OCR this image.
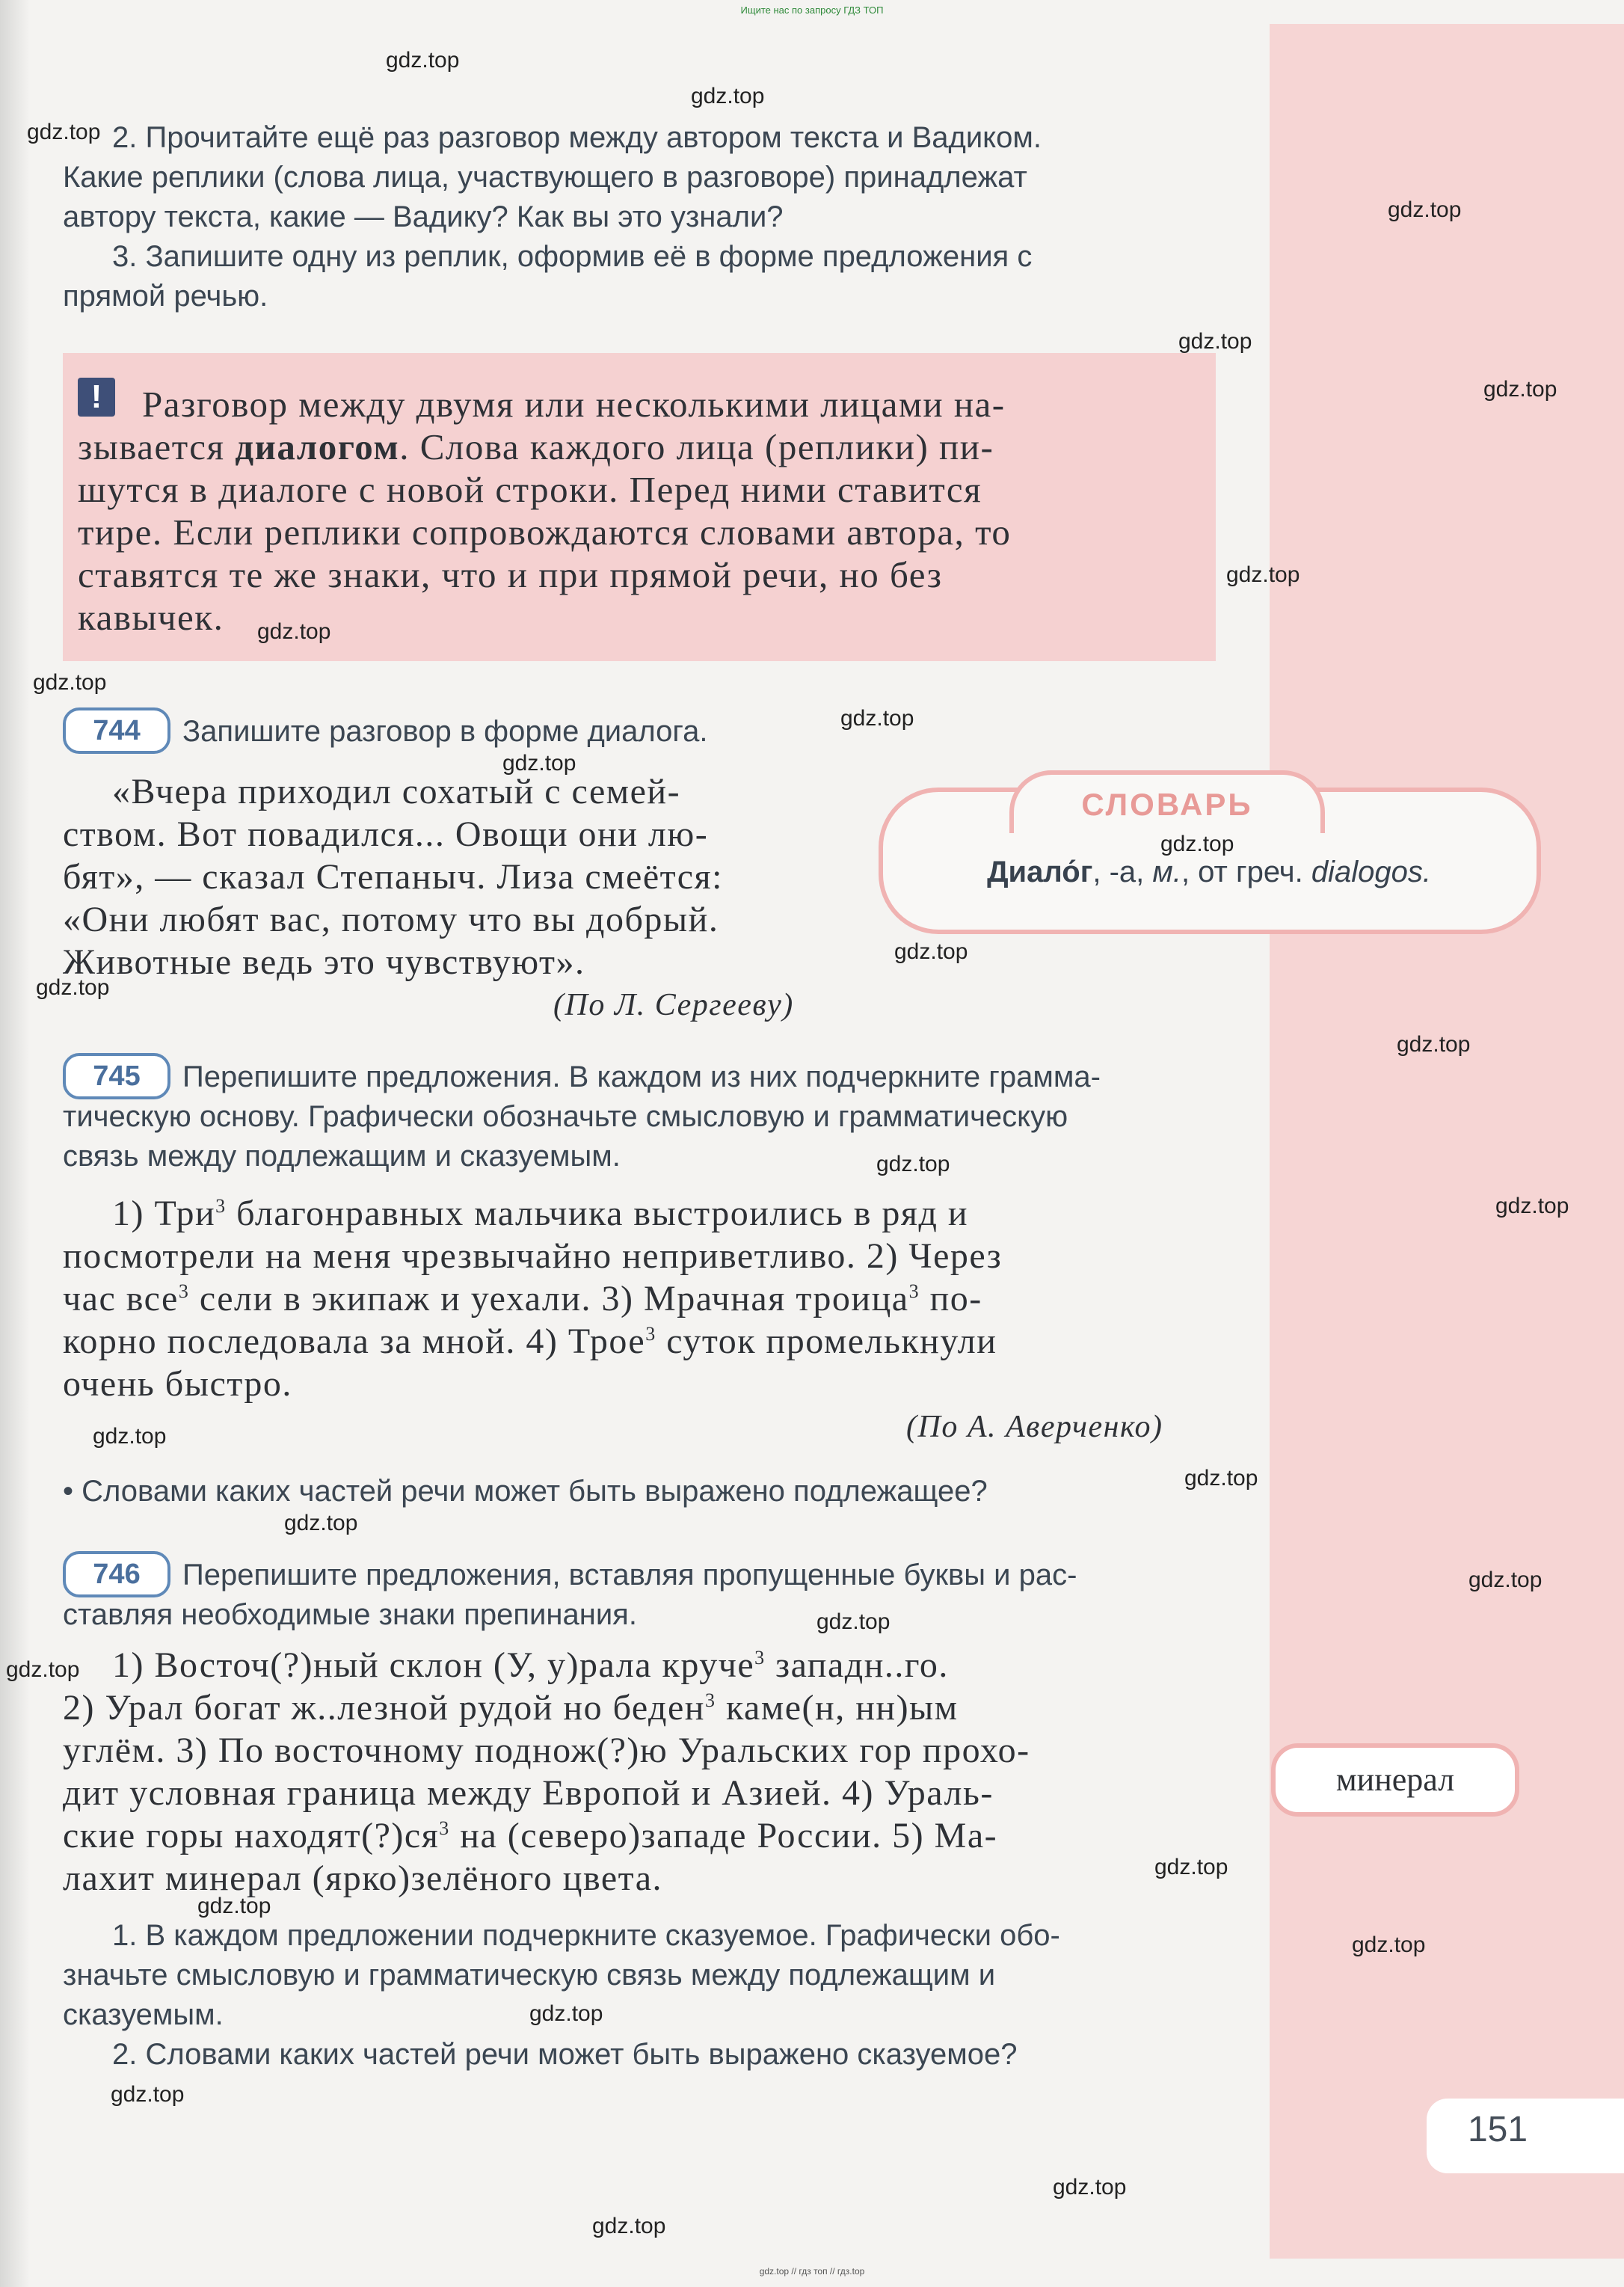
Ищите нас по запросу ГДЗ ТОП
2. Прочитайте ещё раз разговор между автором текста и Вадиком.
Какие реплики (слова лица, участвующего в разговоре) принадлежат
автору текста, какие — Вадику? Как вы это узнали?
3. Запишите одну из реплик, оформив её в форме предложения с
прямой речью.
!	Разговор между двумя или несколькими лицами на-
зывается диалогом. Слова каждого лица (реплики) пи-
шутся в диалоге с новой строки. Перед ними ставится
тире. Если реплики сопровождаются словами автора, то
ставятся те же знаки, что и при прямой речи, но без
кавычек.
744	Запишите разговор в форме диалога.
«Вчера приходил сохатый с семей-
ством. Вот повадился... Овощи они лю-
бят», — сказал Степаныч. Лиза смеётся:
«Они любят вас, потому что вы добрый.
Животные ведь это чувствуют».
(По Л. Сергееву)
СЛОВАРЬ
Диало́г, -а, м., от греч. dialogos.
745	Перепишите предложения. В каждом из них подчеркните грамма-
тическую основу. Графически обозначьте смысловую и грамматическую
связь между подлежащим и сказуемым.
1) Три$^3$ благонравных мальчика выстроились в ряд и
посмотрели на меня чрезвычайно неприветливо. 2) Через
час все$^3$ сели в экипаж и уехали. 3) Мрачная троица$^3$ по-
корно последовала за мной. 4) Трое$^3$ суток промелькнули
очень быстро.
(По А. Аверченко)
• Словами каких частей речи может быть выражено подлежащее?
746	Перепишите предложения, вставляя пропущенные буквы и рас-
ставляя необходимые знаки препинания.
1) Восточ(?)ный склон (У, у)рала круче$^3$ западн..го.
2) Урал богат ж..лезной рудой но беден$^3$ каме(н, нн)ым
углём. 3) По восточному поднож(?)ю Уральских гор прохо-
дит условная граница между Европой и Азией. 4) Ураль-
ские горы $находят(?)ся^3$ на (северо)западе России. 5) Ма-
лахит минерал (ярко)зелёного цвета.
1. В каждом предложении подчеркните сказуемое. Графически обо-
значьте смысловую и грамматическую связь между подлежащим и
сказуемым.
2. Словами каких частей речи может быть выражено сказуемое?
минерал
151
gdz.top
gdz.top
gdz.top
gdz.top
gdz.top
gdz.top
gdz.top
gdz.top
gdz.top
gdz.top
gdz.top
gdz.top
gdz.top
gdz.top
gdz.top
gdz.top
gdz.top
gdz.top
gdz.top
gdz.top
gdz.top
gdz.top
gdz.top
gdz.top
gdz.top
gdz.top
gdz.top
gdz.top
gdz.top
gdz.top
gdz.top // гдз топ // гдз.top
